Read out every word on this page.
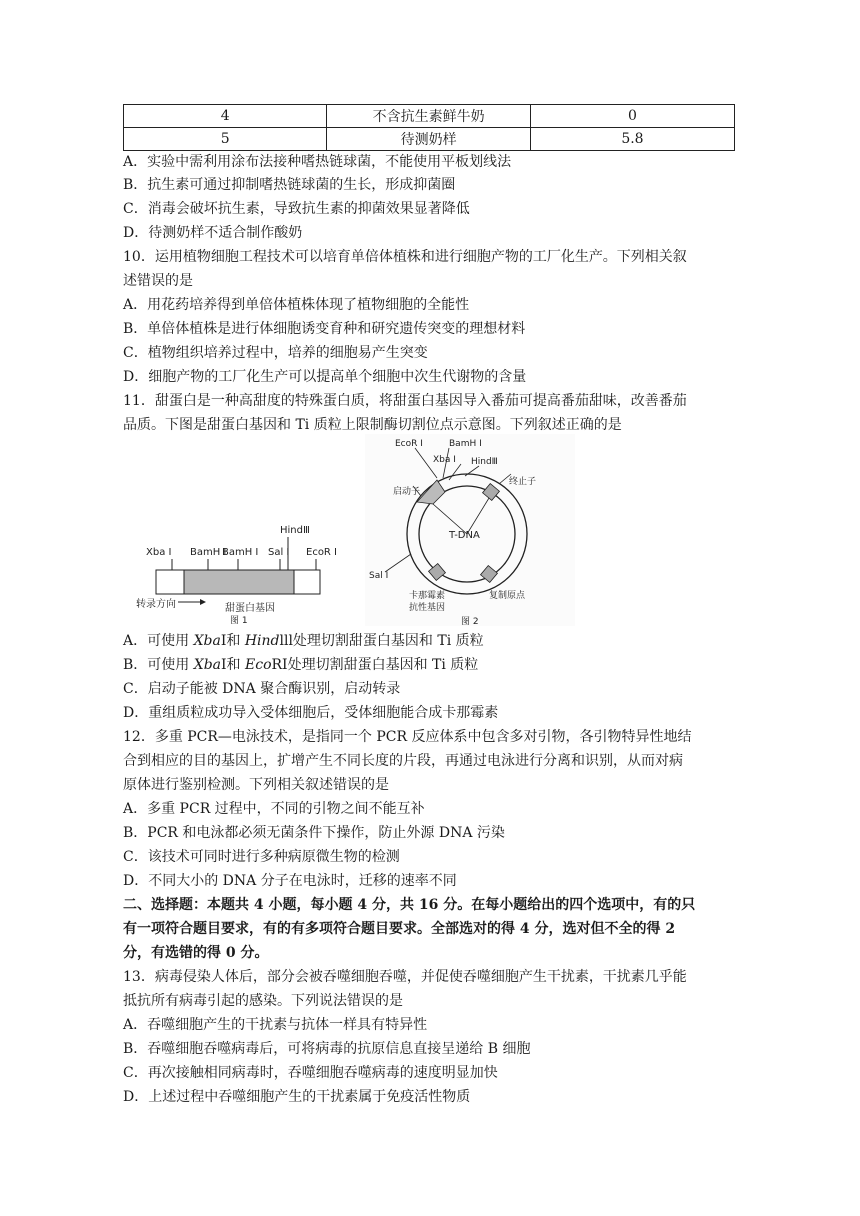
4	不含抗生素鲜牛奶	0
5	待测奶样	5.8
A．实验中需利用涂布法接种嗜热链球菌，不能使用平板划线法
B．抗生素可通过抑制嗜热链球菌的生长，形成抑菌圈
C．消毒会破坏抗生素，导致抗生素的抑菌效果显著降低
D．待测奶样不适合制作酸奶
10．运用植物细胞工程技术可以培育单倍体植株和进行细胞产物的工厂化生产。下列相关叙
述错误的是
A．用花药培养得到单倍体植株体现了植物细胞的全能性
B．单倍体植株是进行体细胞诱变育种和研究遗传突变的理想材料
C．植物组织培养过程中，培养的细胞易产生突变
D．细胞产物的工厂化生产可以提高单个细胞中次生代谢物的含量
11．甜蛋白是一种高甜度的特殊蛋白质，将甜蛋白基因导入番茄可提高番茄甜味，改善番茄
品质。下图是甜蛋白基因和 Ti 质粒上限制酶切割位点示意图。下列叙述正确的是
Xba Ⅰ BamH Ⅰ
BamH Ⅰ
HindⅢ
Sal Ⅰ EcoR Ⅰ
转录方向	甜蛋白基因
图 1
EcoR Ⅰ	BamH Ⅰ
Xba Ⅰ HindⅢ
启动子
终止子
T-DNA
Sal Ⅰ
卡那霉素
抗性基因
复制原点
图 2
A．可使用 XbaⅠ和 Hindlll处理切割甜蛋白基因和 Ti 质粒
B．可使用 XbaⅠ和 EcoRⅠ处理切割甜蛋白基因和 Ti 质粒
C．启动子能被 DNA 聚合酶识别，启动转录
D．重组质粒成功导入受体细胞后，受体细胞能合成卡那霉素
12．多重 PCR—电泳技术，是指同一个 PCR 反应体系中包含多对引物，各引物特异性地结
合到相应的目的基因上，扩增产生不同长度的片段，再通过电泳进行分离和识别，从而对病
原体进行鉴别检测。下列相关叙述错误的是
A．多重 PCR 过程中，不同的引物之间不能互补
B．PCR 和电泳都必须无菌条件下操作，防止外源 DNA 污染
C．该技术可同时进行多种病原微生物的检测
D．不同大小的 DNA 分子在电泳时，迁移的速率不同
二、选择题：本题共 4 小题，每小题 4 分，共 16 分。在每小题给出的四个选项中，有的只
有一项符合题目要求，有的有多项符合题目要求。全部选对的得 4 分，选对但不全的得 2
分，有选错的得 0 分。
13．病毒侵染人体后，部分会被吞噬细胞吞噬，并促使吞噬细胞产生干扰素，干扰素几乎能
抵抗所有病毒引起的感染。下列说法错误的是
A．吞噬细胞产生的干扰素与抗体一样具有特异性
B．吞噬细胞吞噬病毒后，可将病毒的抗原信息直接呈递给 B 细胞
C．再次接触相同病毒时，吞噬细胞吞噬病毒的速度明显加快
D．上述过程中吞噬细胞产生的干扰素属于免疫活性物质
